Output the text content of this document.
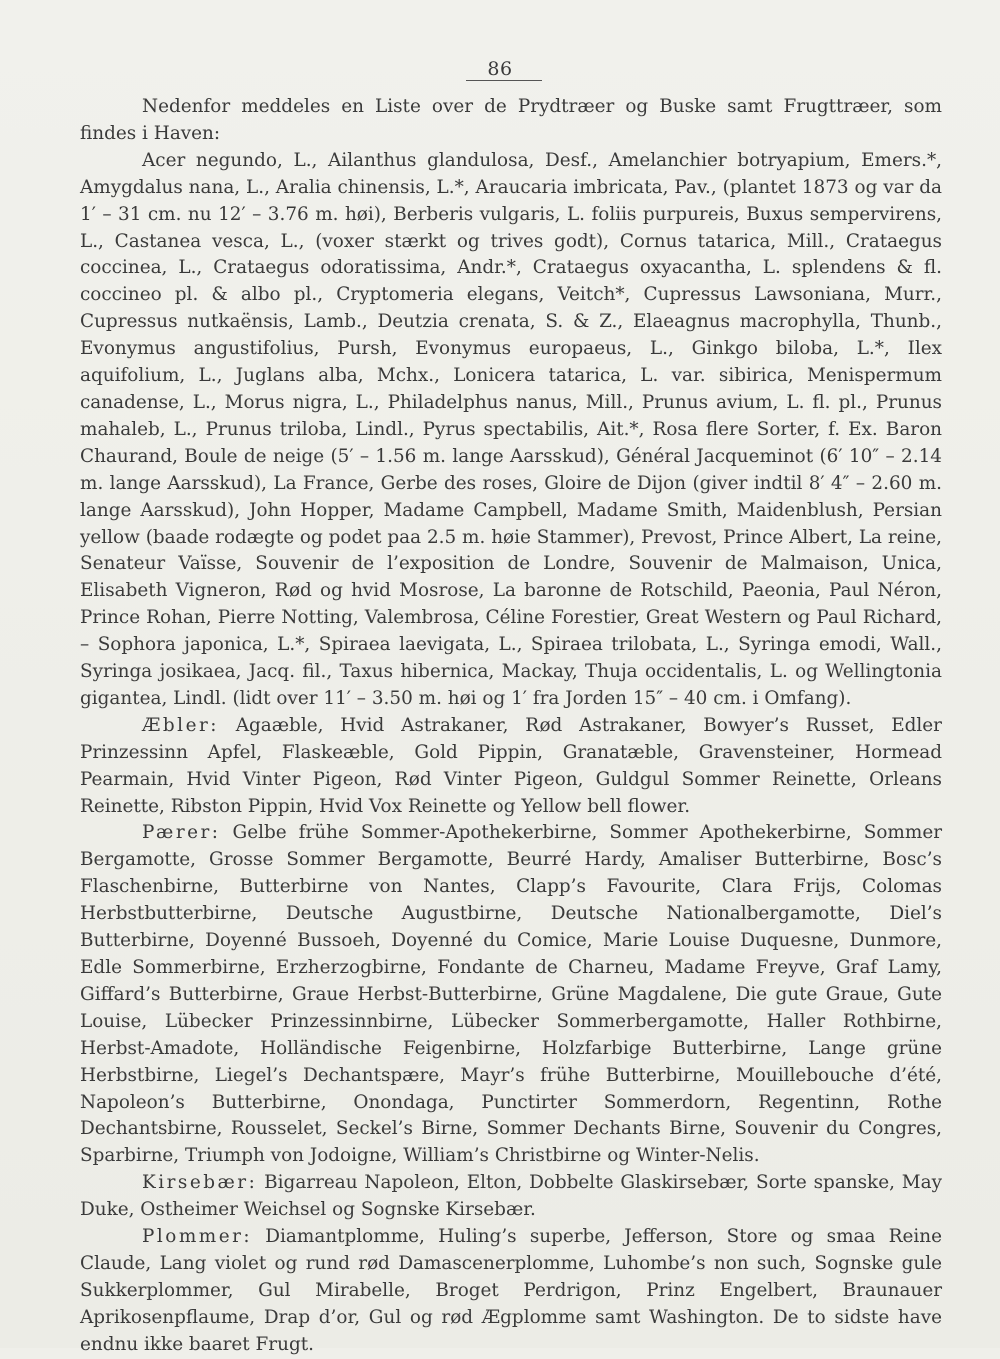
86

Nedenfor meddeles en Liste over de Prydtræer og Buske samt Frugttræer, som findes i Haven:

Acer negundo, L., Ailanthus glandulosa, Desf., Amelanchier botryapium, Emers.*, Amygdalus nana, L., Aralia chinensis, L.*, Araucaria imbricata, Pav., (plantet 1873 og var da 1′ – 31 cm. nu 12′ – 3.76 m. høi), Berberis vulgaris, L. foliis purpureis, Buxus sempervirens, L., Castanea vesca, L., (voxer stærkt og trives godt), Cornus tatarica, Mill., Crataegus coccinea, L., Crataegus odoratissima, Andr.*, Crataegus oxyacantha, L. splendens & fl. coccineo pl. & albo pl., Cryptomeria elegans, Veitch*, Cupressus Lawsoniana, Murr., Cupressus nutkaënsis, Lamb., Deutzia crenata, S. & Z., Elaeagnus macrophylla, Thunb., Evonymus angustifolius, Pursh, Evonymus europaeus, L., Ginkgo biloba, L.*, Ilex aquifolium, L., Juglans alba, Mchx., Lonicera tatarica, L. var. sibirica, Menispermum canadense, L., Morus nigra, L., Philadelphus nanus, Mill., Prunus avium, L. fl. pl., Prunus mahaleb, L., Prunus triloba, Lindl., Pyrus spectabilis, Ait.*, Rosa flere Sorter, f. Ex. Baron Chaurand, Boule de neige (5′ – 1.56 m. lange Aarsskud), Général Jacqueminot (6′ 10″ – 2.14 m. lange Aarsskud), La France, Gerbe des roses, Gloire de Dijon (giver indtil 8′ 4″ – 2.60 m. lange Aarsskud), John Hopper, Madame Campbell, Madame Smith, Maidenblush, Persian yellow (baade rodægte og podet paa 2.5 m. høie Stammer), Prevost, Prince Albert, La reine, Senateur Vaïsse, Souvenir de l’exposition de Londre, Souvenir de Malmaison, Unica, Elisabeth Vigneron, Rød og hvid Mosrose, La baronne de Rotschild, Paeonia, Paul Néron, Prince Rohan, Pierre Notting, Valembrosa, Céline Forestier, Great Western og Paul Richard, – Sophora japonica, L.*, Spiraea laevigata, L., Spiraea trilobata, L., Syringa emodi, Wall., Syringa josikaea, Jacq. fil., Taxus hibernica, Mackay, Thuja occidentalis, L. og Wellingtonia gigantea, Lindl. (lidt over 11′ – 3.50 m. høi og 1′ fra Jorden 15″ – 40 cm. i Omfang).

Æbler: Agaæble, Hvid Astrakaner, Rød Astrakaner, Bowyer’s Russet, Edler Prinzessinn Apfel, Flaskeæble, Gold Pippin, Granatæble, Gravensteiner, Hormead Pearmain, Hvid Vinter Pigeon, Rød Vinter Pigeon, Guldgul Sommer Reinette, Orleans Reinette, Ribston Pippin, Hvid Vox Reinette og Yellow bell flower.

Pærer: Gelbe frühe Sommer-Apothekerbirne, Sommer Apothekerbirne, Sommer Bergamotte, Grosse Sommer Bergamotte, Beurré Hardy, Amaliser Butterbirne, Bosc’s Flaschenbirne, Butterbirne von Nantes, Clapp’s Favourite, Clara Frijs, Colomas Herbstbutterbirne, Deutsche Augustbirne, Deutsche Nationalbergamotte, Diel’s Butterbirne, Doyenné Bussoeh, Doyenné du Comice, Marie Louise Duquesne, Dunmore, Edle Sommerbirne, Erzherzogbirne, Fondante de Charneu, Madame Freyve, Graf Lamy, Giffard’s Butterbirne, Graue Herbst-Butterbirne, Grüne Magdalene, Die gute Graue, Gute Louise, Lübecker Prinzessinnbirne, Lübecker Sommerbergamotte, Haller Rothbirne, Herbst-Amadote, Holländische Feigenbirne, Holzfarbige Butterbirne, Lange grüne Herbstbirne, Liegel’s Dechantspære, Mayr’s frühe Butterbirne, Mouillebouche d’été, Napoleon’s Butterbirne, Onondaga, Punctirter Sommerdorn, Regentinn, Rothe Dechantsbirne, Rousselet, Seckel’s Birne, Sommer Dechants Birne, Souvenir du Congres, Sparbirne, Triumph von Jodoigne, William’s Christbirne og Winter-Nelis.

Kirsebær: Bigarreau Napoleon, Elton, Dobbelte Glaskirsebær, Sorte spanske, May Duke, Ostheimer Weichsel og Sognske Kirsebær.

Plommer: Diamantplomme, Huling’s superbe, Jefferson, Store og smaa Reine Claude, Lang violet og rund rød Damascenerplomme, Luhombe’s non such, Sognske gule Sukkerplommer, Gul Mirabelle, Broget Perdrigon, Prinz Engelbert, Braunauer Aprikosenpflaume, Drap d’or, Gul og rød Ægplomme samt Washington. De to sidste have endnu ikke baaret Frugt.
